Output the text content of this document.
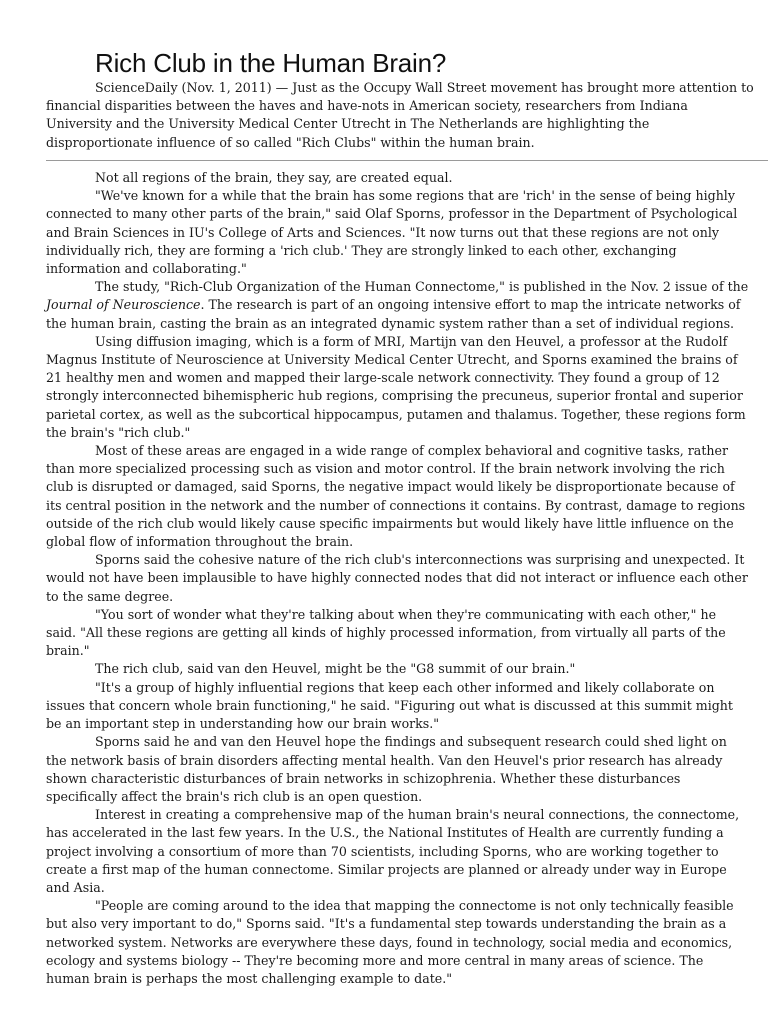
Rich Club in the Human Brain?

ScienceDaily (Nov. 1, 2011) — Just as the Occupy Wall Street movement has brought more attention to financial disparities between the haves and have-nots in American society, researchers from Indiana University and the University Medical Center Utrecht in The Netherlands are highlighting the disproportionate influence of so called "Rich Clubs" within the human brain.

Not all regions of the brain, they say, are created equal.

"We've known for a while that the brain has some regions that are 'rich' in the sense of being highly connected to many other parts of the brain," said Olaf Sporns, professor in the Department of Psychological and Brain Sciences in IU's College of Arts and Sciences. "It now turns out that these regions are not only individually rich, they are forming a 'rich club.' They are strongly linked to each other, exchanging information and collaborating."

The study, "Rich-Club Organization of the Human Connectome," is published in the Nov. 2 issue of the Journal of Neuroscience. The research is part of an ongoing intensive effort to map the intricate networks of the human brain, casting the brain as an integrated dynamic system rather than a set of individual regions.

Using diffusion imaging, which is a form of MRI, Martijn van den Heuvel, a professor at the Rudolf Magnus Institute of Neuroscience at University Medical Center Utrecht, and Sporns examined the brains of 21 healthy men and women and mapped their large-scale network connectivity. They found a group of 12 strongly interconnected bihemispheric hub regions, comprising the precuneus, superior frontal and superior parietal cortex, as well as the subcortical hippocampus, putamen and thalamus. Together, these regions form the brain's "rich club."

Most of these areas are engaged in a wide range of complex behavioral and cognitive tasks, rather than more specialized processing such as vision and motor control. If the brain network involving the rich club is disrupted or damaged, said Sporns, the negative impact would likely be disproportionate because of its central position in the network and the number of connections it contains. By contrast, damage to regions outside of the rich club would likely cause specific impairments but would likely have little influence on the global flow of information throughout the brain.

Sporns said the cohesive nature of the rich club's interconnections was surprising and unexpected. It would not have been implausible to have highly connected nodes that did not interact or influence each other to the same degree.

"You sort of wonder what they're talking about when they're communicating with each other," he said. "All these regions are getting all kinds of highly processed information, from virtually all parts of the brain."

The rich club, said van den Heuvel, might be the "G8 summit of our brain."

"It's a group of highly influential regions that keep each other informed and likely collaborate on issues that concern whole brain functioning," he said. "Figuring out what is discussed at this summit might be an important step in understanding how our brain works."

Sporns said he and van den Heuvel hope the findings and subsequent research could shed light on the network basis of brain disorders affecting mental health. Van den Heuvel's prior research has already shown characteristic disturbances of brain networks in schizophrenia. Whether these disturbances specifically affect the brain's rich club is an open question.

Interest in creating a comprehensive map of the human brain's neural connections, the connectome, has accelerated in the last few years. In the U.S., the National Institutes of Health are currently funding a project involving a consortium of more than 70 scientists, including Sporns, who are working together to create a first map of the human connectome. Similar projects are planned or already under way in Europe and Asia.

"People are coming around to the idea that mapping the connectome is not only technically feasible but also very important to do," Sporns said. "It's a fundamental step towards understanding the brain as a networked system. Networks are everywhere these days, found in technology, social media and economics, ecology and systems biology -- They're becoming more and more central in many areas of science. The human brain is perhaps the most challenging example to date."
